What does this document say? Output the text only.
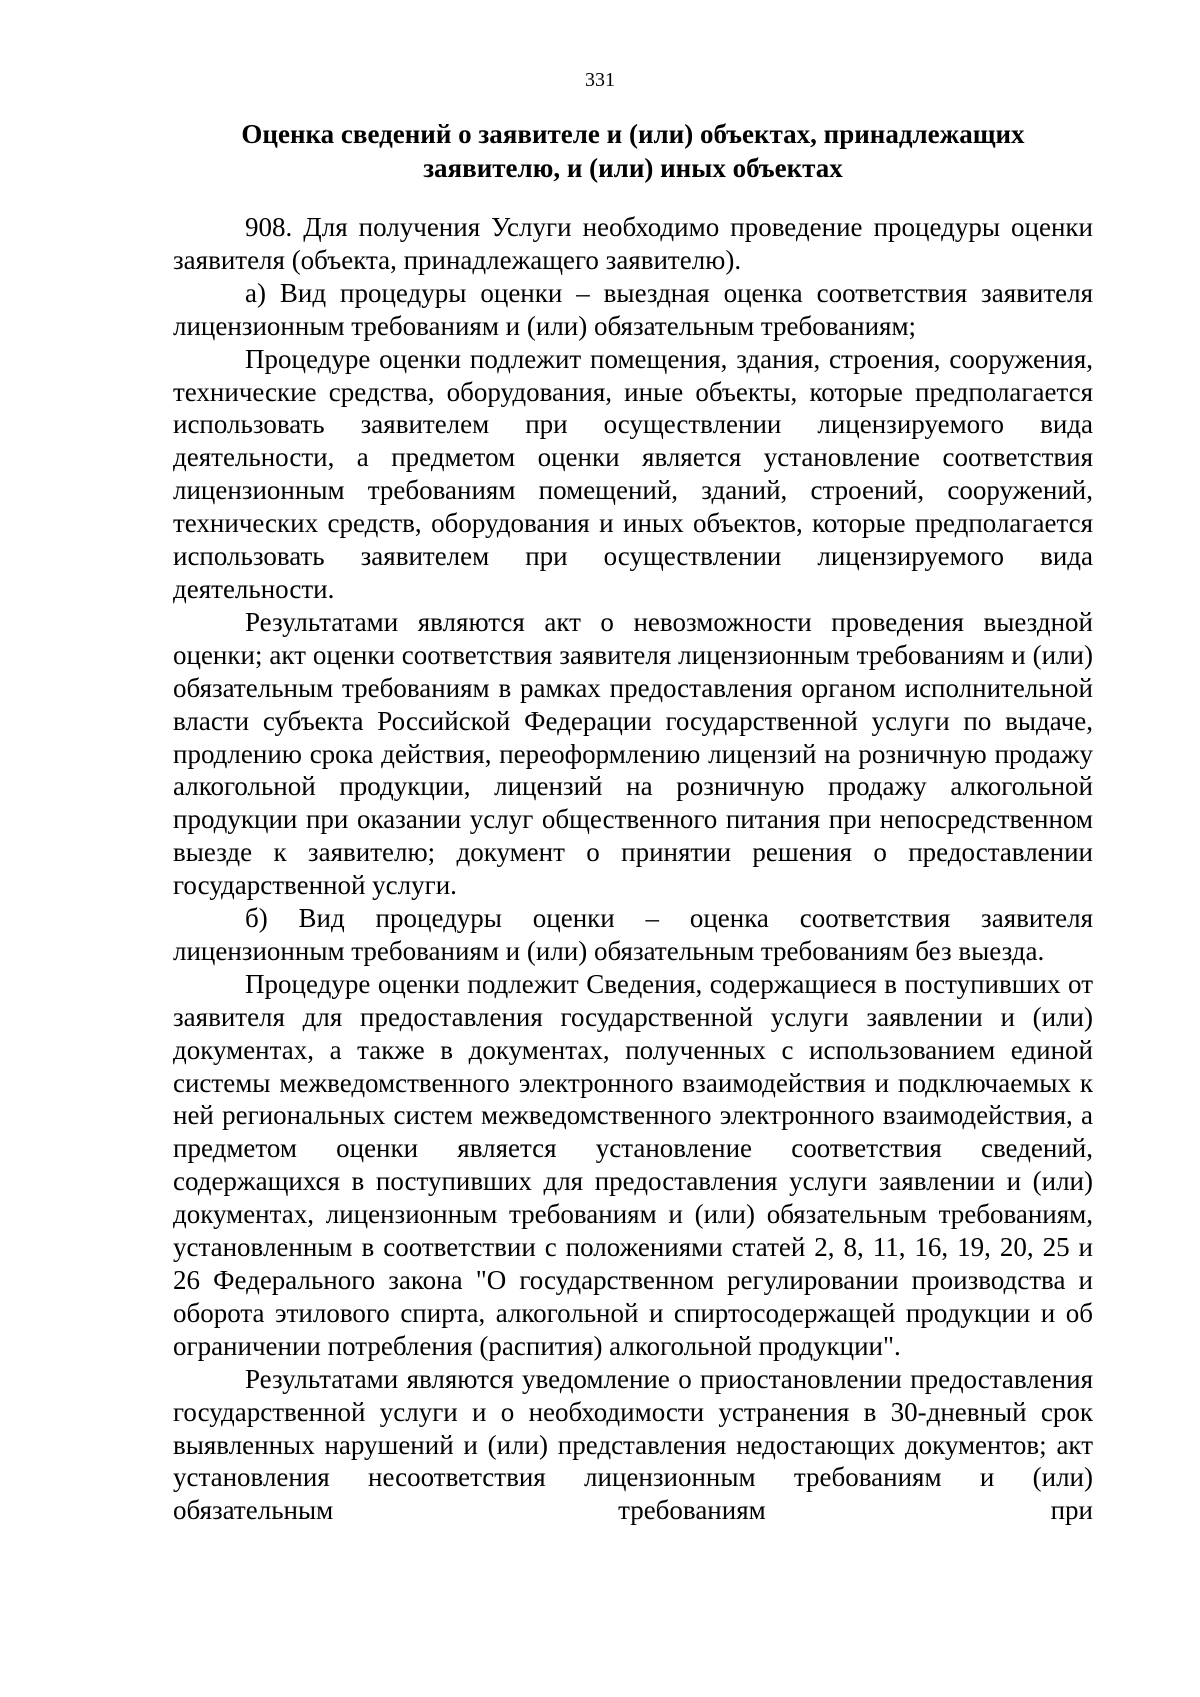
331
Оценка сведений о заявителе и (или) объектах, принадлежащих заявителю, и (или) иных объектах

908. Для получения Услуги необходимо проведение процедуры оценки заявителя (объекта, принадлежащего заявителю).

а) Вид процедуры оценки – выездная оценка соответствия заявителя лицензионным требованиям и (или) обязательным требованиям;

Процедуре оценки подлежит помещения, здания, строения, сооружения, технические средства, оборудования, иные объекты, которые предполагается использовать заявителем при осуществлении лицензируемого вида деятельности, а предметом оценки является установление соответствия лицензионным требованиям помещений, зданий, строений, сооружений, технических средств, оборудования и иных объектов, которые предполагается использовать заявителем при осуществлении лицензируемого вида деятельности.

Результатами являются акт о невозможности проведения выездной оценки; акт оценки соответствия заявителя лицензионным требованиям и (или) обязательным требованиям в рамках предоставления органом исполнительной власти субъекта Российской Федерации государственной услуги по выдаче, продлению срока действия, переоформлению лицензий на розничную продажу алкогольной продукции, лицензий на розничную продажу алкогольной продукции при оказании услуг общественного питания при непосредственном выезде к заявителю; документ о принятии решения о предоставлении государственной услуги.

б) Вид процедуры оценки – оценка соответствия заявителя лицензионным требованиям и (или) обязательным требованиям без выезда.

Процедуре оценки подлежит Сведения, содержащиеся в поступивших от заявителя для предоставления государственной услуги заявлении и (или) документах, а также в документах, полученных с использованием единой системы межведомственного электронного взаимодействия и подключаемых к ней региональных систем межведомственного электронного взаимодействия, а предметом оценки является установление соответствия сведений, содержащихся в поступивших для предоставления услуги заявлении и (или) документах, лицензионным требованиям и (или) обязательным требованиям, установленным в соответствии с положениями статей 2, 8, 11, 16, 19, 20, 25 и 26 Федерального закона "О государственном регулировании производства и оборота этилового спирта, алкогольной и спиртосодержащей продукции и об ограничении потребления (распития) алкогольной продукции".

Результатами являются уведомление о приостановлении предоставления государственной услуги и о необходимости устранения в 30-дневный срок выявленных нарушений и (или) представления недостающих документов; акт установления несоответствия лицензионным требованиям и (или) обязательным требованиям при
